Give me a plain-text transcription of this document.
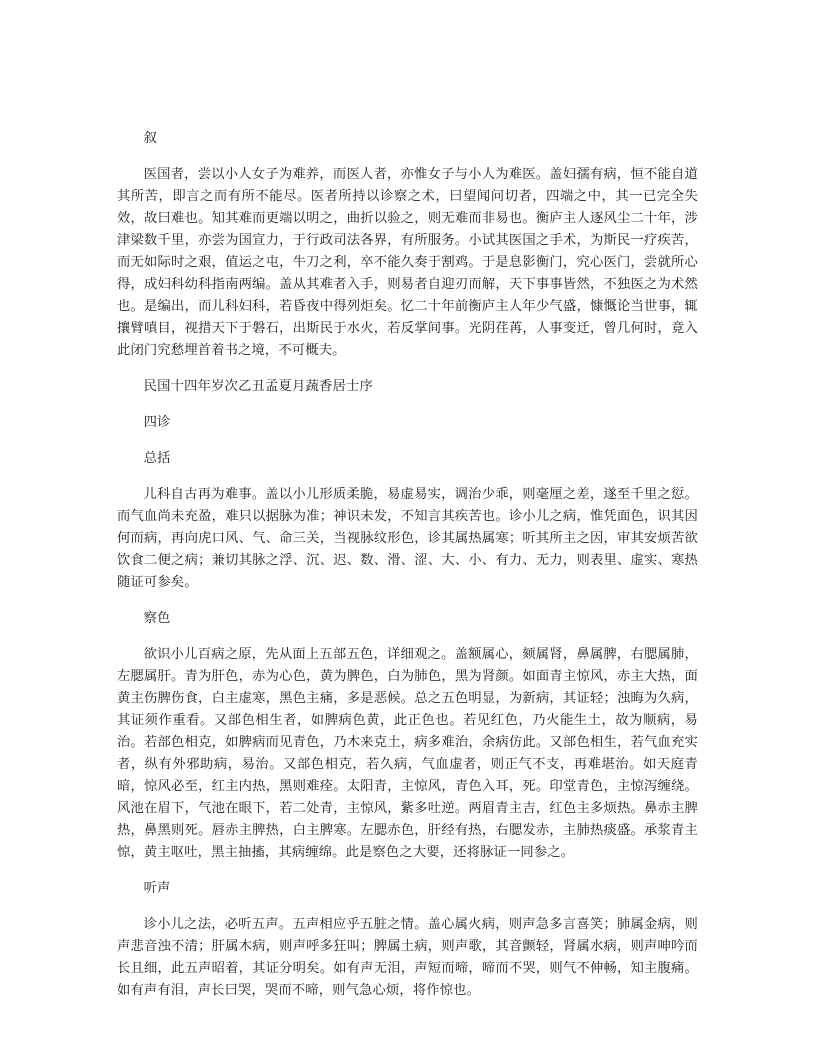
叙
医国者，尝以小人女子为难养，而医人者，亦惟女子与小人为难医。盖妇孺有病，恒不能自道其所苦，即言之而有所不能尽。医者所持以诊察之术，曰望闻问切者，四端之中，其一已完全失效，故曰难也。知其难而更端以明之，曲折以验之，则无难而非易也。衡庐主人逐风尘二十年，涉津梁数千里，亦尝为国宣力，于行政司法各界，有所服务。小试其医国之手术，为斯民一疗疾苦，而无如际时之艰，值运之屯，牛刀之利，卒不能久奏于割鸡。于是息影衡门，究心医门，尝就所心得，成妇科幼科指南两编。盖从其难者入手，则易者自迎刃而解，天下事事皆然，不独医之为术然也。是编出，而儿科妇科，若昏夜中得列炬矣。忆二十年前衡庐主人年少气盛，慷慨论当世事，辄攘臂嗔目，视措天下于磐石，出斯民于水火，若反掌间事。光阴荏苒，人事变迁，曾几何时，竟入此闭门究愁埋首着书之境，不可概夫。
民国十四年岁次乙丑孟夏月蔬香居士序
四诊
总括
儿科自古再为难事。盖以小儿形质柔脆，易虚易实，调治少乖，则毫厘之差，遂至千里之愆。而气血尚未充盈，难只以据脉为准；神识未发，不知言其疾苦也。诊小儿之病，惟凭面色，识其因何而病，再向虎口风、气、命三关，当视脉纹形色，诊其属热属寒；听其所主之因，审其安烦苦欲饮食二便之病；兼切其脉之浮、沉、迟、数、滑、涩、大、小、有力、无力，则表里、虚实、寒热随证可参矣。
察色
欲识小儿百病之原，先从面上五部五色，详细观之。盖额属心，颏属肾，鼻属脾，右腮属肺，左腮属肝。青为肝色，赤为心色，黄为脾色，白为肺色，黑为肾颜。如面青主惊风，赤主大热，面黄主伤脾伤食，白主虚寒，黑色主痛，多是恶候。总之五色明显，为新病，其证轻；浊晦为久病，其证须作重看。又部色相生者，如脾病色黄，此正色也。若见红色，乃火能生土，故为顺病，易治。若部色相克，如脾病而见青色，乃木来克土，病多难治，余病仿此。又部色相生，若气血充实者，纵有外邪助病，易治。又部色相克，若久病，气血虚者，则正气不支，再难堪治。如天庭青暗，惊风必至，红主内热，黑则难痊。太阳青，主惊风，青色入耳，死。印堂青色，主惊泻缠绕。风池在眉下，气池在眼下，若二处青，主惊风，紫多吐逆。两眉青主吉，红色主多烦热。鼻赤主脾热，鼻黑则死。唇赤主脾热，白主脾寒。左腮赤色，肝经有热，右腮发赤，主肺热痰盛。承浆青主惊，黄主呕吐，黑主抽搐，其病缠绵。此是察色之大要，还将脉证一同参之。
听声
诊小儿之法，必听五声。五声相应乎五脏之情。盖心属火病，则声急多言喜笑；肺属金病，则声悲音浊不清；肝属木病，则声呼多狂叫；脾属土病，则声歌，其音颤轻，肾属水病，则声呻吟而长且细，此五声昭着，其证分明矣。如有声无泪，声短而啼，啼而不哭，则气不伸畅，知主腹痛。如有声有泪，声长曰哭，哭而不啼，则气急心烦，将作惊也。
